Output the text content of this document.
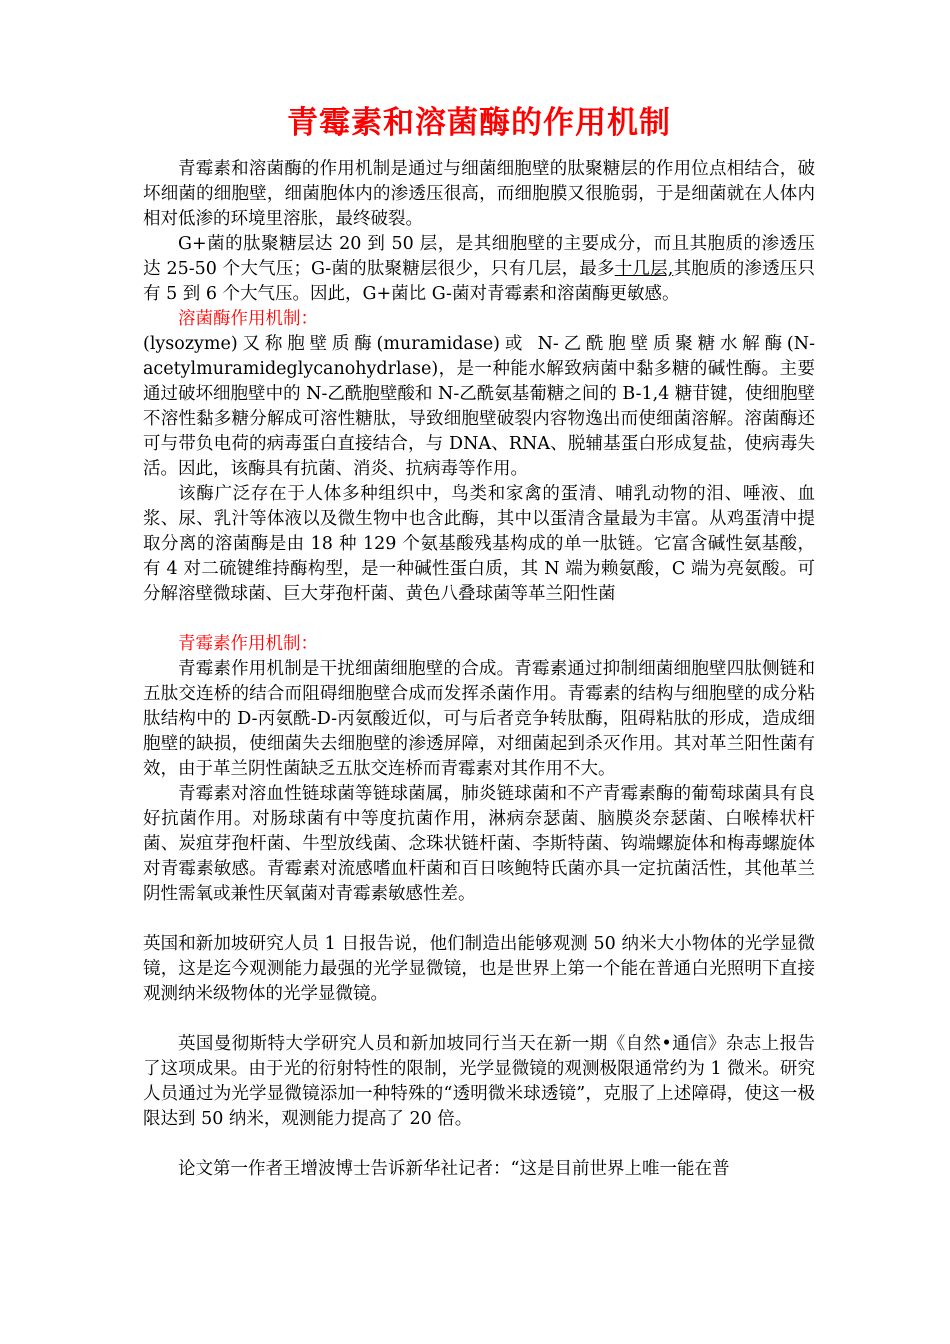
青霉素和溶菌酶的作用机制

青霉素和溶菌酶的作用机制是通过与细菌细胞壁的肽聚糖层的作用位点相结合，破坏细菌的细胞壁，细菌胞体内的渗透压很高，而细胞膜又很脆弱，于是细菌就在人体内相对低渗的环境里溶胀，最终破裂。

G+菌的肽聚糖层达 20 到 50 层，是其细胞壁的主要成分，而且其胞质的渗透压达 25-50 个大气压；G-菌的肽聚糖层很少，只有几层，最多十几层,其胞质的渗透压只有 5 到 6 个大气压。因此，G+菌比 G-菌对青霉素和溶菌酶更敏感。

溶菌酶作用机制：

(lysozyme)又称胞壁质酶(muramidase)或 N-乙酰胞壁质聚糖水解酶(N-acetylmuramideglycanohydrlase)，是一种能水解致病菌中黏多糖的碱性酶。主要通过破坏细胞壁中的 N-乙酰胞壁酸和 N-乙酰氨基葡糖之间的 B-1,4 糖苷键，使细胞壁不溶性黏多糖分解成可溶性糖肽，导致细胞壁破裂内容物逸出而使细菌溶解。溶菌酶还可与带负电荷的病毒蛋白直接结合，与 DNA、RNA、脱辅基蛋白形成复盐，使病毒失活。因此，该酶具有抗菌、消炎、抗病毒等作用。

该酶广泛存在于人体多种组织中，鸟类和家禽的蛋清、哺乳动物的泪、唾液、血浆、尿、乳汁等体液以及微生物中也含此酶，其中以蛋清含量最为丰富。从鸡蛋清中提取分离的溶菌酶是由 18 种 129 个氨基酸残基构成的单一肽链。它富含碱性氨基酸，有 4 对二硫键维持酶构型，是一种碱性蛋白质，其 N 端为赖氨酸，C 端为亮氨酸。可分解溶壁微球菌、巨大芽孢杆菌、黄色八叠球菌等革兰阳性菌

青霉素作用机制：

青霉素作用机制是干扰细菌细胞壁的合成。青霉素通过抑制细菌细胞壁四肽侧链和五肽交连桥的结合而阻碍细胞壁合成而发挥杀菌作用。青霉素的结构与细胞壁的成分粘肽结构中的 D-丙氨酰-D-丙氨酸近似，可与后者竞争转肽酶，阻碍粘肽的形成，造成细胞壁的缺损，使细菌失去细胞壁的渗透屏障，对细菌起到杀灭作用。其对革兰阳性菌有效，由于革兰阴性菌缺乏五肽交连桥而青霉素对其作用不大。

青霉素对溶血性链球菌等链球菌属，肺炎链球菌和不产青霉素酶的葡萄球菌具有良好抗菌作用。对肠球菌有中等度抗菌作用，淋病奈瑟菌、脑膜炎奈瑟菌、白喉棒状杆菌、炭疽芽孢杆菌、牛型放线菌、念珠状链杆菌、李斯特菌、钩端螺旋体和梅毒螺旋体对青霉素敏感。青霉素对流感嗜血杆菌和百日咳鲍特氏菌亦具一定抗菌活性，其他革兰阴性需氧或兼性厌氧菌对青霉素敏感性差。

英国和新加坡研究人员 1 日报告说，他们制造出能够观测 50 纳米大小物体的光学显微镜，这是迄今观测能力最强的光学显微镜，也是世界上第一个能在普通白光照明下直接观测纳米级物体的光学显微镜。

英国曼彻斯特大学研究人员和新加坡同行当天在新一期《自然•通信》杂志上报告了这项成果。由于光的衍射特性的限制，光学显微镜的观测极限通常约为 1 微米。研究人员通过为光学显微镜添加一种特殊的“透明微米球透镜”，克服了上述障碍，使这一极限达到 50 纳米，观测能力提高了 20 倍。

论文第一作者王增波博士告诉新华社记者：“这是目前世界上唯一能在普
